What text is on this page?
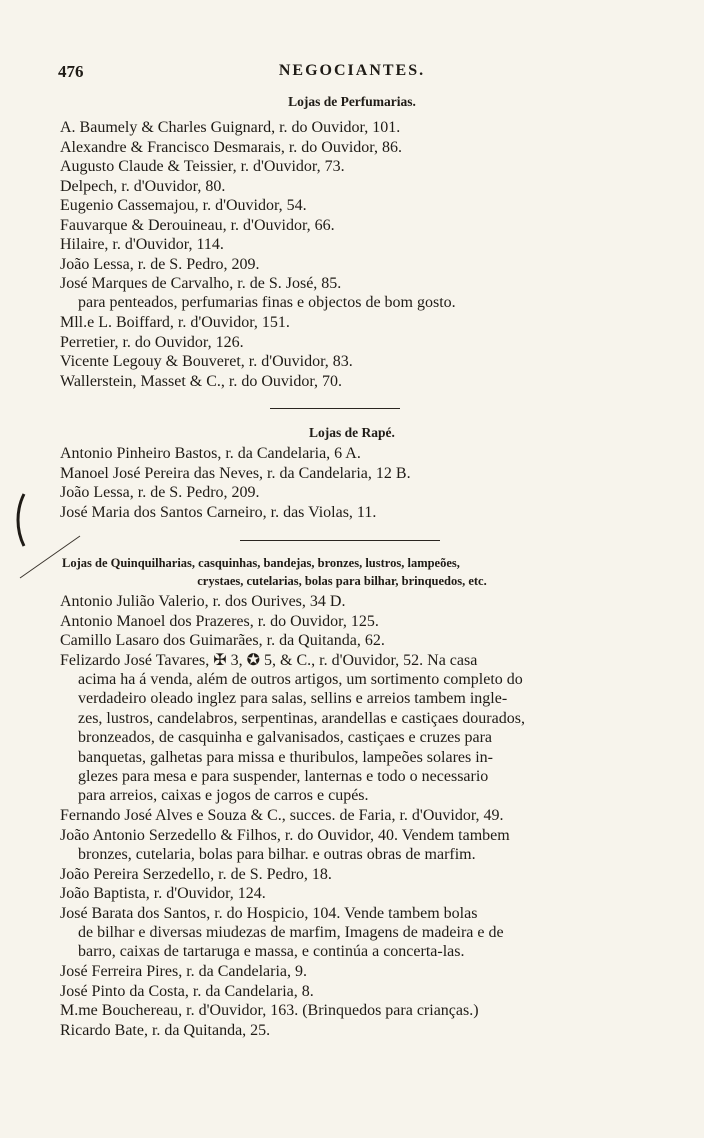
476	NEGOCIANTES.
Lojas de Perfumarias.
A. Baumely & Charles Guignard, r. do Ouvidor, 101.
Alexandre & Francisco Desmarais, r. do Ouvidor, 86.
Augusto Claude & Teissier, r. d'Ouvidor, 73.
Delpech, r. d'Ouvidor, 80.
Eugenio Cassemajou, r. d'Ouvidor, 54.
Fauvarque & Derouineau, r. d'Ouvidor, 66.
Hilaire, r. d'Ouvidor, 114.
João Lessa, r. de S. Pedro, 209.
José Marques de Carvalho, r. de S. José, 85.
para penteados, perfumarias finas e objectos de bom gosto.
Mll.e L. Boiffard, r. d'Ouvidor, 151.
Perretier, r. do Ouvidor, 126.
Vicente Legouy & Bouveret, r. d'Ouvidor, 83.
Wallerstein, Masset & C., r. do Ouvidor, 70.
Lojas de Rapé.
Antonio Pinheiro Bastos, r. da Candelaria, 6 A.
Manoel José Pereira das Neves, r. da Candelaria, 12 B.
João Lessa, r. de S. Pedro, 209.
José Maria dos Santos Carneiro, r. das Violas, 11.
Lojas de Quinquilharias, casquinhas, bandejas, bronzes, lustros, lampeões,
crystaes, cutelarias, bolas para bilhar, brinquedos, etc.
Antonio Julião Valerio, r. dos Ourives, 34 D.
Antonio Manoel dos Prazeres, r. do Ouvidor, 125.
Camillo Lasaro dos Guimarães, r. da Quitanda, 62.
Felizardo José Tavares, ✠ 3, ✪ 5, & C., r. d'Ouvidor, 52. Na casa
acima ha á venda, além de outros artigos, um sortimento completo do
verdadeiro oleado inglez para salas, sellins e arreios tambem ingle-
zes, lustros, candelabros, serpentinas, arandellas e castiçaes dourados,
bronzeados, de casquinha e galvanisados, castiçaes e cruzes para
banquetas, galhetas para missa e thuribulos, lampeões solares in-
glezes para mesa e para suspender, lanternas e todo o necessario
para arreios, caixas e jogos de carros e cupés.
Fernando José Alves e Souza & C., succes. de Faria, r. d'Ouvidor, 49.
João Antonio Serzedello & Filhos, r. do Ouvidor, 40. Vendem tambem
bronzes, cutelaria, bolas para bilhar. e outras obras de marfim.
João Pereira Serzedello, r. de S. Pedro, 18.
João Baptista, r. d'Ouvidor, 124.
José Barata dos Santos, r. do Hospicio, 104. Vende tambem bolas
de bilhar e diversas miudezas de marfim, Imagens de madeira e de
barro, caixas de tartaruga e massa, e continúa a concerta-las.
José Ferreira Pires, r. da Candelaria, 9.
José Pinto da Costa, r. da Candelaria, 8.
M.me Bouchereau, r. d'Ouvidor, 163. (Brinquedos para crianças.)
Ricardo Bate, r. da Quitanda, 25.
